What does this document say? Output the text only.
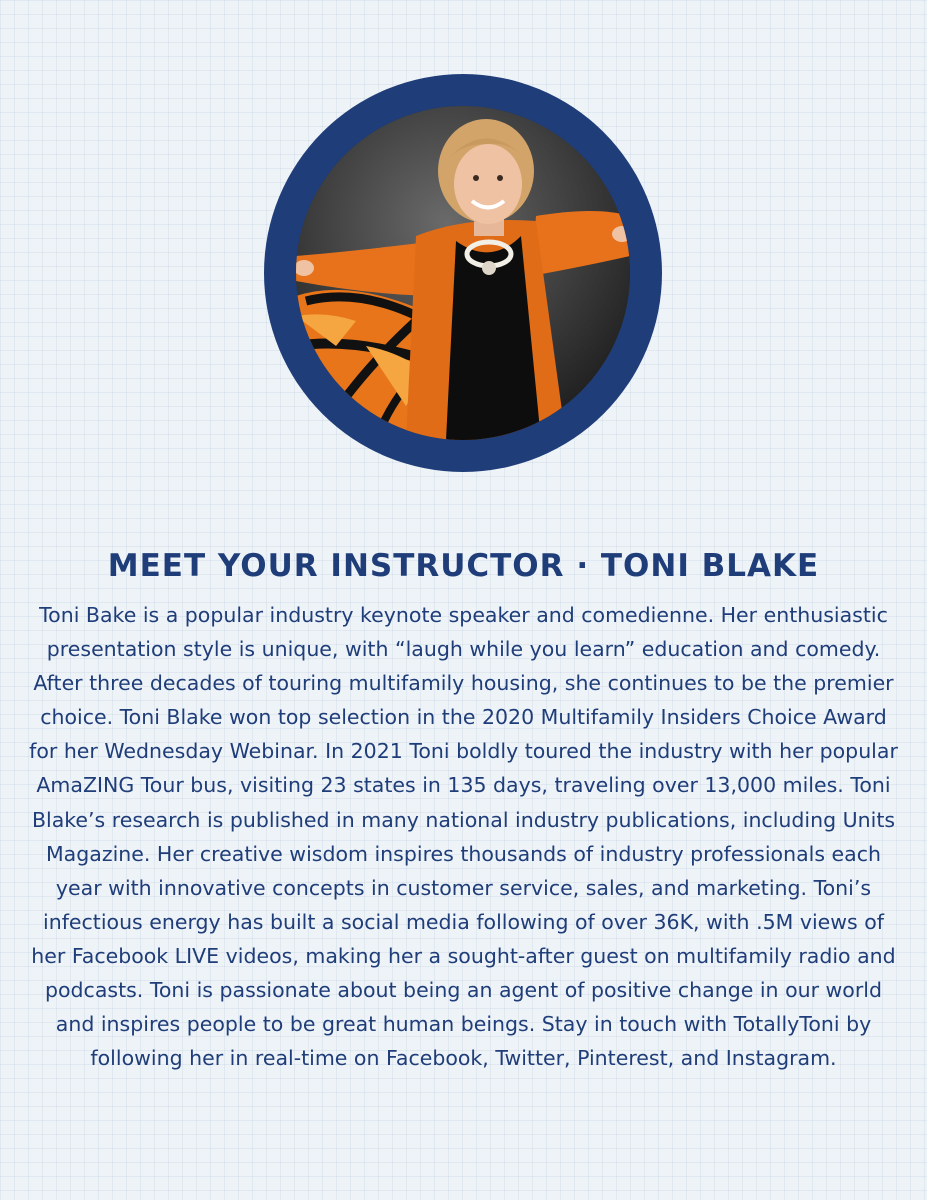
MEET YOUR INSTRUCTOR · TONI BLAKE

Toni Bake is a popular industry keynote speaker and comedienne. Her enthusiastic presentation style is unique, with “laugh while you learn” education and comedy. After three decades of touring multifamily housing, she continues to be the premier choice. Toni Blake won top selection in the 2020 Multifamily Insiders Choice Award for her Wednesday Webinar. In 2021 Toni boldly toured the industry with her popular AmaZING Tour bus, visiting 23 states in 135 days, traveling over 13,000 miles. Toni Blake’s research is published in many national industry publications, including Units Magazine. Her creative wisdom inspires thousands of industry professionals each year with innovative concepts in customer service, sales, and marketing. Toni’s infectious energy has built a social media following of over 36K, with .5M views of her Facebook LIVE videos, making her a sought-after guest on multifamily radio and podcasts. Toni is passionate about being an agent of positive change in our world and inspires people to be great human beings. Stay in touch with TotallyToni by following her in real-time on Facebook, Twitter, Pinterest, and Instagram.
